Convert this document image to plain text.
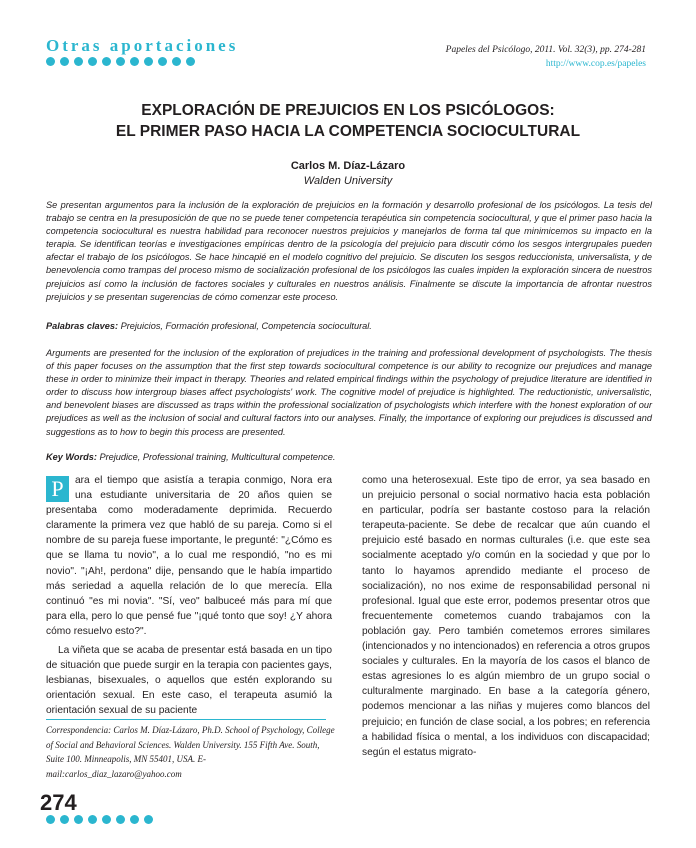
Otras aportaciones	Papeles del Psicólogo, 2011. Vol. 32(3), pp. 274-281
http://www.cop.es/papeles
EXPLORACIÓN DE PREJUICIOS EN LOS PSICÓLOGOS:
EL PRIMER PASO HACIA LA COMPETENCIA SOCIOCULTURAL
Carlos M. Díaz-Lázaro
Walden University

Se presentan argumentos para la inclusión de la exploración de prejuicios en la formación y desarrollo profesional de los psicólogos. La tesis del trabajo se centra en la presuposición de que no se puede tener competencia terapéutica sin competencia sociocultural, y que el primer paso hacia la competencia sociocultural es nuestra habilidad para reconocer nuestros prejuicios y manejarlos de forma tal que minimicemos su impacto en la terapia. Se identifican teorías e investigaciones empíricas dentro de la psicología del prejuicio para discutir cómo los sesgos intergrupales pueden afectar el trabajo de los psicólogos. Se hace hincapié en el modelo cognitivo del prejuicio. Se discuten los sesgos reduccionista, universalista, y de benevolencia como trampas del proceso mismo de socialización profesional de los psicólogos las cuales impiden la exploración sincera de nuestros prejuicios así como la inclusión de factores sociales y culturales en nuestros análisis. Finalmente se discute la importancia de afrontar nuestros prejuicios y se presentan sugerencias de cómo comenzar este proceso.

Palabras claves: Prejuicios, Formación profesional, Competencia sociocultural.

Arguments are presented for the inclusion of the exploration of prejudices in the training and professional development of psychologists. The thesis of this paper focuses on the assumption that the first step towards sociocultural competence is our ability to recognize our prejudices and manage these in order to minimize their impact in therapy. Theories and related empirical findings within the psychology of prejudice literature are identified in order to discuss how intergroup biases affect psychologists' work. The cognitive model of prejudice is highlighted. The reductionistic, universalistic, and benevolent biases are discussed as traps within the professional socialization of psychologists which interfere with the honest exploration of our prejudices as well as the inclusion of social and cultural factors into our analyses. Finally, the importance of exploring our prejudices is discussed and suggestions as to how to begin this process are presented.

Key Words: Prejudice, Professional training, Multicultural competence.

P	ara el tiempo que asistía a terapia conmigo, Nora era una estudiante universitaria de 20 años quien se presentaba como moderadamente deprimida. Recuerdo claramente la primera vez que habló de su pareja. Como si el nombre de su pareja fuese importante, le pregunté: "¿Cómo es que se llama tu novio", a lo cual me respondió, "no es mi novio". "¡Ah!, perdona" dije, pensando que le había impartido más seriedad a aquella relación de lo que merecía. Ella continuó "es mi novia". "Sí, veo" balbuceé más para mí que para ella, pero lo que pensé fue "¡qué tonto que soy! ¿Y ahora cómo resuelvo esto?".

La viñeta que se acaba de presentar está basada en un tipo de situación que puede surgir en la terapia con pacientes gays, lesbianas, bisexuales, o aquellos que estén explorando su orientación sexual. En este caso, el terapeuta asumió la orientación sexual de su paciente

Correspondencia: Carlos M. Díaz-Lázaro, Ph.D. School of Psychology, College of Social and Behavioral Sciences. Walden University. 155 Fifth Ave. South, Suite 100. Minneapolis, MN 55401, USA. E-mail:carlos_diaz_lazaro@yahoo.com

como una heterosexual. Este tipo de error, ya sea basado en un prejuicio personal o social normativo hacia esta población en particular, podría ser bastante costoso para la relación terapeuta-paciente. Se debe de recalcar que aún cuando el prejuicio esté basado en normas culturales (i.e. que este sea socialmente aceptado y/o común en la sociedad y que por lo tanto lo hayamos aprendido mediante el proceso de socialización), no nos exime de responsabilidad personal ni profesional. Igual que este error, podemos presentar otros que frecuentemente cometemos cuando trabajamos con la población gay. Pero también cometemos errores similares (intencionados y no intencionados) en referencia a otros grupos sociales y culturales. En la mayoría de los casos el blanco de estas agresiones lo es algún miembro de un grupo social o culturalmente marginado. En base a la categoría género, podemos mencionar a las niñas y mujeres como blancos del prejuicio; en función de clase social, a los pobres; en referencia a habilidad física o mental, a los individuos con discapacidad; según el estatus migrato-

274
